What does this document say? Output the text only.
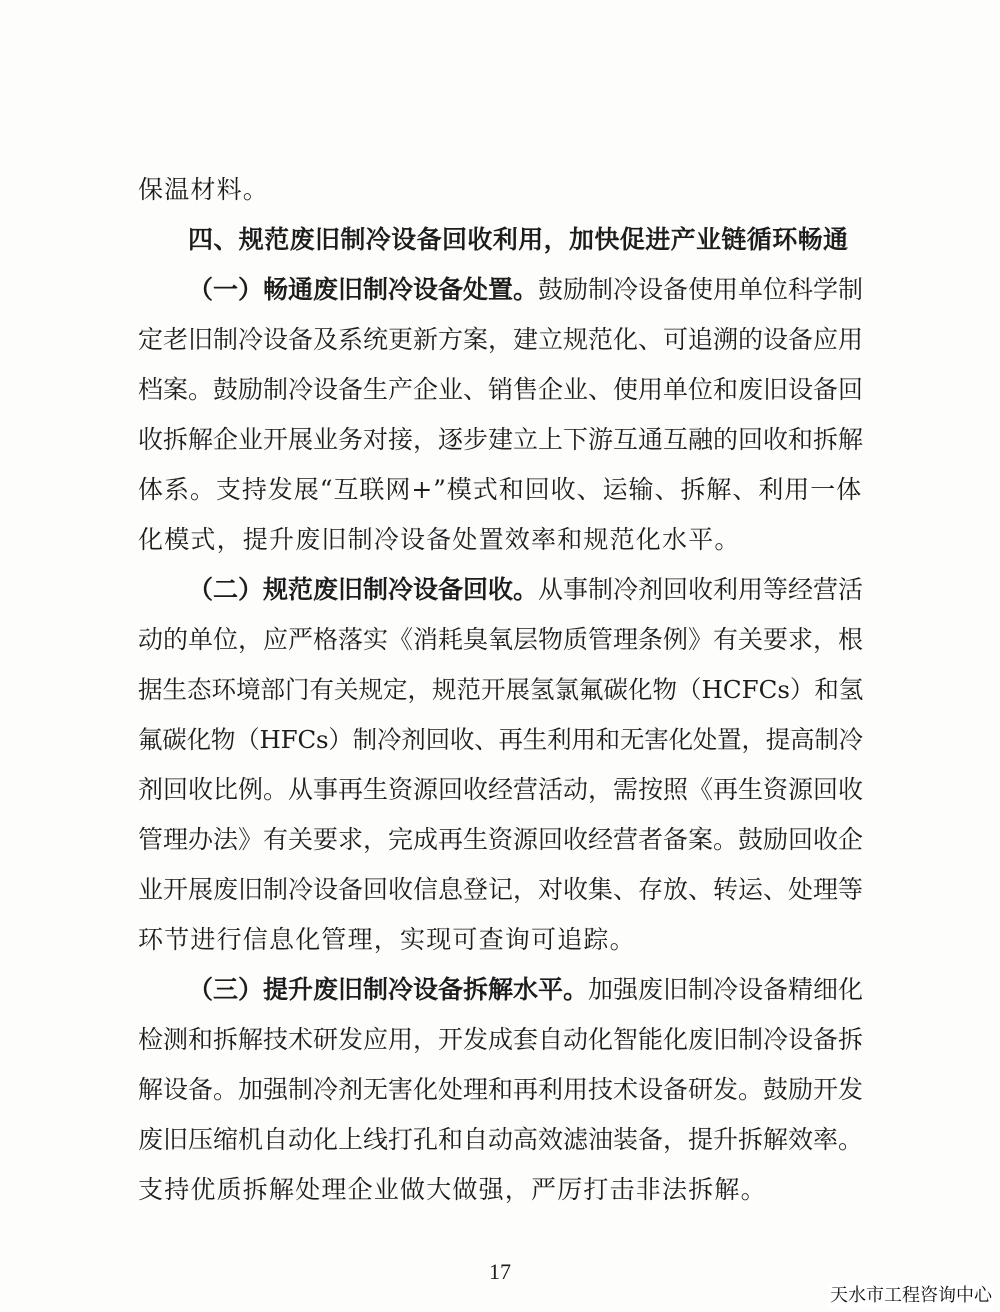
保温材料。
四、规范废旧制冷设备回收利用，加快促进产业链循环畅通
（一）畅通废旧制冷设备处置。鼓励制冷设备使用单位科学制
定老旧制冷设备及系统更新方案，建立规范化、可追溯的设备应用
档案。鼓励制冷设备生产企业、销售企业、使用单位和废旧设备回
收拆解企业开展业务对接，逐步建立上下游互通互融的回收和拆解
体系。支持发展“互联网+”模式和回收、运输、拆解、利用一体
化模式，提升废旧制冷设备处置效率和规范化水平。
（二）规范废旧制冷设备回收。从事制冷剂回收利用等经营活
动的单位，应严格落实《消耗臭氧层物质管理条例》有关要求，根
据生态环境部门有关规定，规范开展氢氯氟碳化物（HCFCs）和氢
氟碳化物（HFCs）制冷剂回收、再生利用和无害化处置，提高制冷
剂回收比例。从事再生资源回收经营活动，需按照《再生资源回收
管理办法》有关要求，完成再生资源回收经营者备案。鼓励回收企
业开展废旧制冷设备回收信息登记，对收集、存放、转运、处理等
环节进行信息化管理，实现可查询可追踪。
（三）提升废旧制冷设备拆解水平。加强废旧制冷设备精细化
检测和拆解技术研发应用，开发成套自动化智能化废旧制冷设备拆
解设备。加强制冷剂无害化处理和再利用技术设备研发。鼓励开发
废旧压缩机自动化上线打孔和自动高效滤油装备，提升拆解效率。
支持优质拆解处理企业做大做强，严厉打击非法拆解。
17
天水市工程咨询中心
